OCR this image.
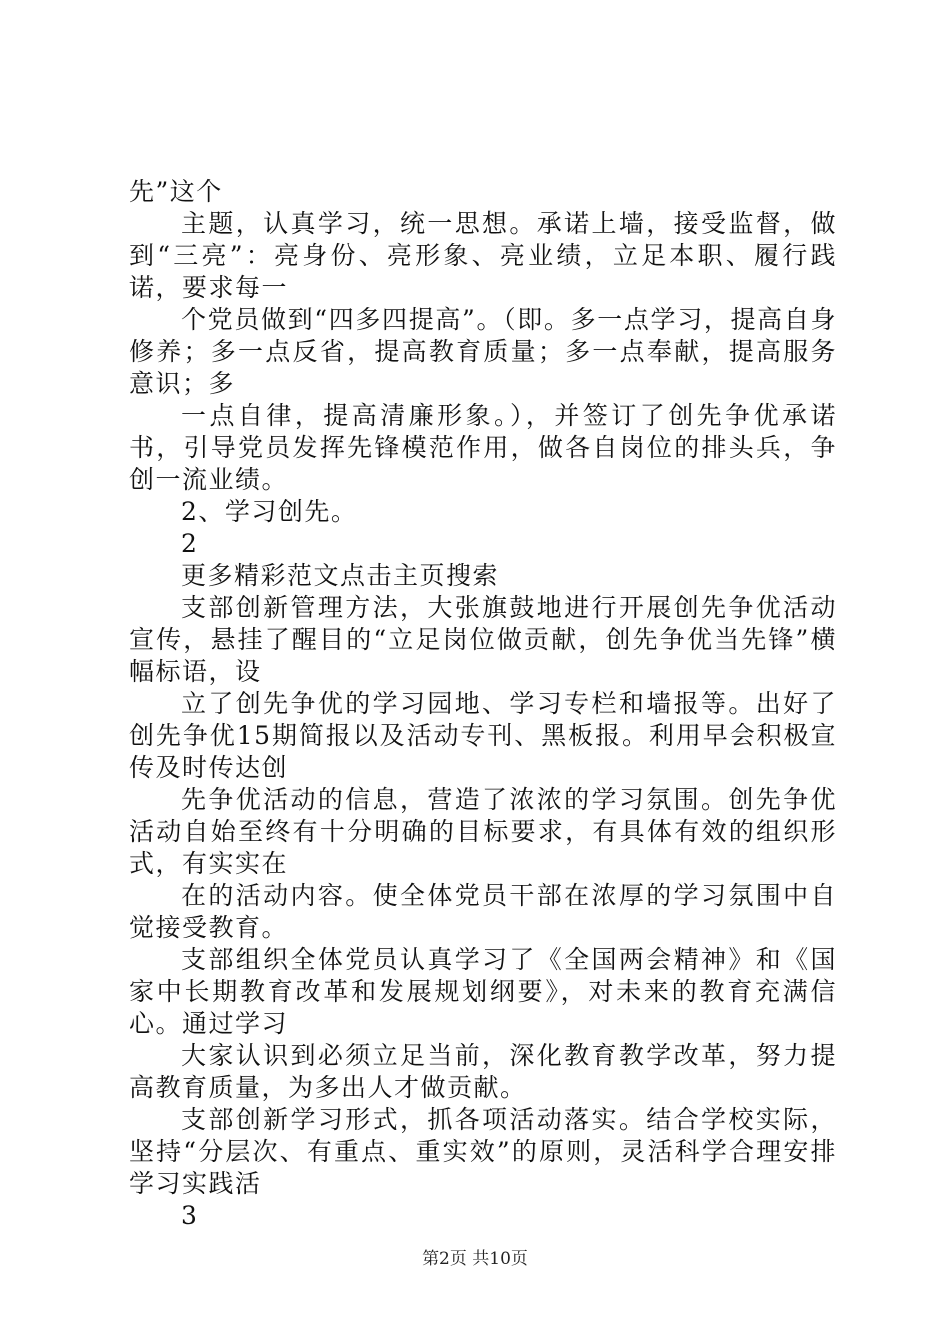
先”这个

主题，认真学习，统一思想。承诺上墙，接受监督，做到“三亮”：亮身份、亮形象、亮业绩，立足本职、履行践诺，要求每一

个党员做到“四多四提高”。（即。多一点学习，提高自身修养；多一点反省，提高教育质量；多一点奉献，提高服务意识；多

一点自律，提高清廉形象。），并签订了创先争优承诺书，引导党员发挥先锋模范作用，做各自岗位的排头兵，争创一流业绩。

2、学习创先。

2

更多精彩范文点击主页搜索

支部创新管理方法，大张旗鼓地进行开展创先争优活动宣传，悬挂了醒目的“立足岗位做贡献，创先争优当先锋”横幅标语，设

立了创先争优的学习园地、学习专栏和墙报等。出好了创先争优15期简报以及活动专刊、黑板报。利用早会积极宣传及时传达创

先争优活动的信息，营造了浓浓的学习氛围。创先争优活动自始至终有十分明确的目标要求，有具体有效的组织形式，有实实在

在的活动内容。使全体党员干部在浓厚的学习氛围中自觉接受教育。

支部组织全体党员认真学习了《全国两会精神》和《国家中长期教育改革和发展规划纲要》，对未来的教育充满信心。通过学习

大家认识到必须立足当前，深化教育教学改革，努力提高教育质量，为多出人才做贡献。

支部创新学习形式，抓各项活动落实。结合学校实际，坚持“分层次、有重点、重实效”的原则，灵活科学合理安排学习实践活

3

第2页 共10页
